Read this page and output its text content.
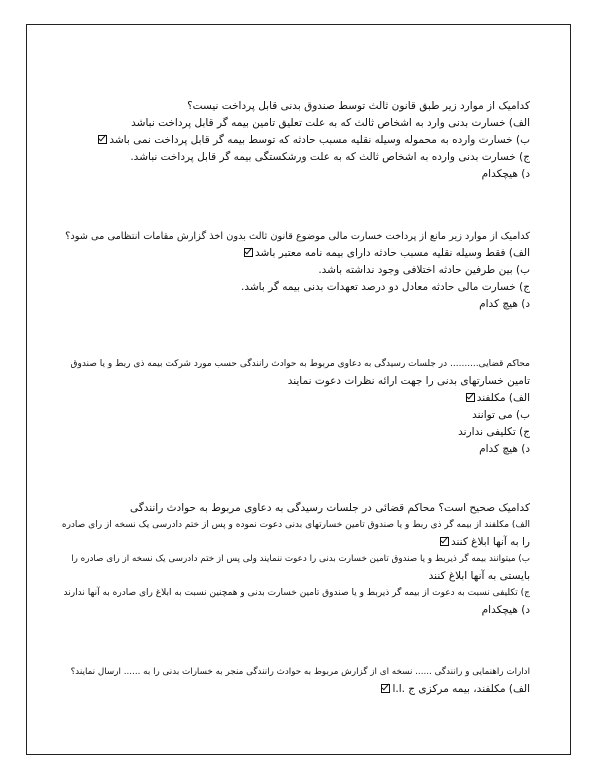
کدامیک از موارد زیر طبق قانون ثالث توسط صندوق بدنی قابل پرداخت نیست؟
الف) خسارت بدنی وارد به اشخاص ثالث که به علت تعلیق تامین بیمه گر قابل پرداخت نباشد
ب) خسارت وارده به محموله وسیله نقلیه مسبب حادثه که توسط بیمه گر قابل پرداخت نمی باشد
ج) خسارت بدنی وارده به اشخاص ثالث که به علت ورشکستگی بیمه گر قابل پرداخت نباشد.
د) هیچکدام
کدامیک از موارد زیر مانع از پرداخت خسارت مالی موضوع قانون ثالث بدون اخذ گزارش مقامات انتظامی می شود؟
الف) فقط وسیله نقلیه مسبب حادثه دارای بیمه نامه معتبر باشد
ب) بین طرفین حادثه اختلافی وجود نداشته باشد.
ج) خسارت مالی حادثه معادل دو درصد تعهدات بدنی بیمه گر باشد.
د) هیچ کدام
محاکم قضایی.......... در جلسات رسیدگی به دعاوی مربوط به حوادث رانندگی حسب مورد شرکت بیمه ذی ربط و یا صندوق
تامین خسارتهای بدنی را جهت ارائه نظرات دعوت نمایند
الف) مکلفند
ب) می توانند
ج) تکلیفی ندارند
د) هیچ کدام
کدامیک صحیح است؟ محاکم قضائی در جلسات رسیدگی به دعاوی مربوط به حوادث رانندگی
الف) مکلفند از بیمه گر ذی ربط و یا صندوق تامین خسارتهای بدنی دعوت نموده و پس از ختم دادرسی یک نسخه از رای صادره
را به آنها ابلاغ کنند
ب) میتوانند بیمه گر ذیربط و یا صندوق تامین خسارت بدنی را دعوت ننمایند ولی پس از ختم دادرسی یک نسخه از رای صادره را
بایستی به آنها ابلاغ کنند
ج) تکلیفی نسبت به دعوت از بیمه گر ذیربط و یا صندوق تامین خسارت بدنی و همچنین نسبت به ابلاغ رای صادره به آنها ندارند
د) هیچکدام
ادارات راهنمایی و رانندگی ...... نسخه ای از گزارش مربوط به حوادث رانندگی منجر به خسارات بدنی را به ...... ارسال نمایند؟
الف) مکلفند، بیمه مرکزی ج .ا.ا
